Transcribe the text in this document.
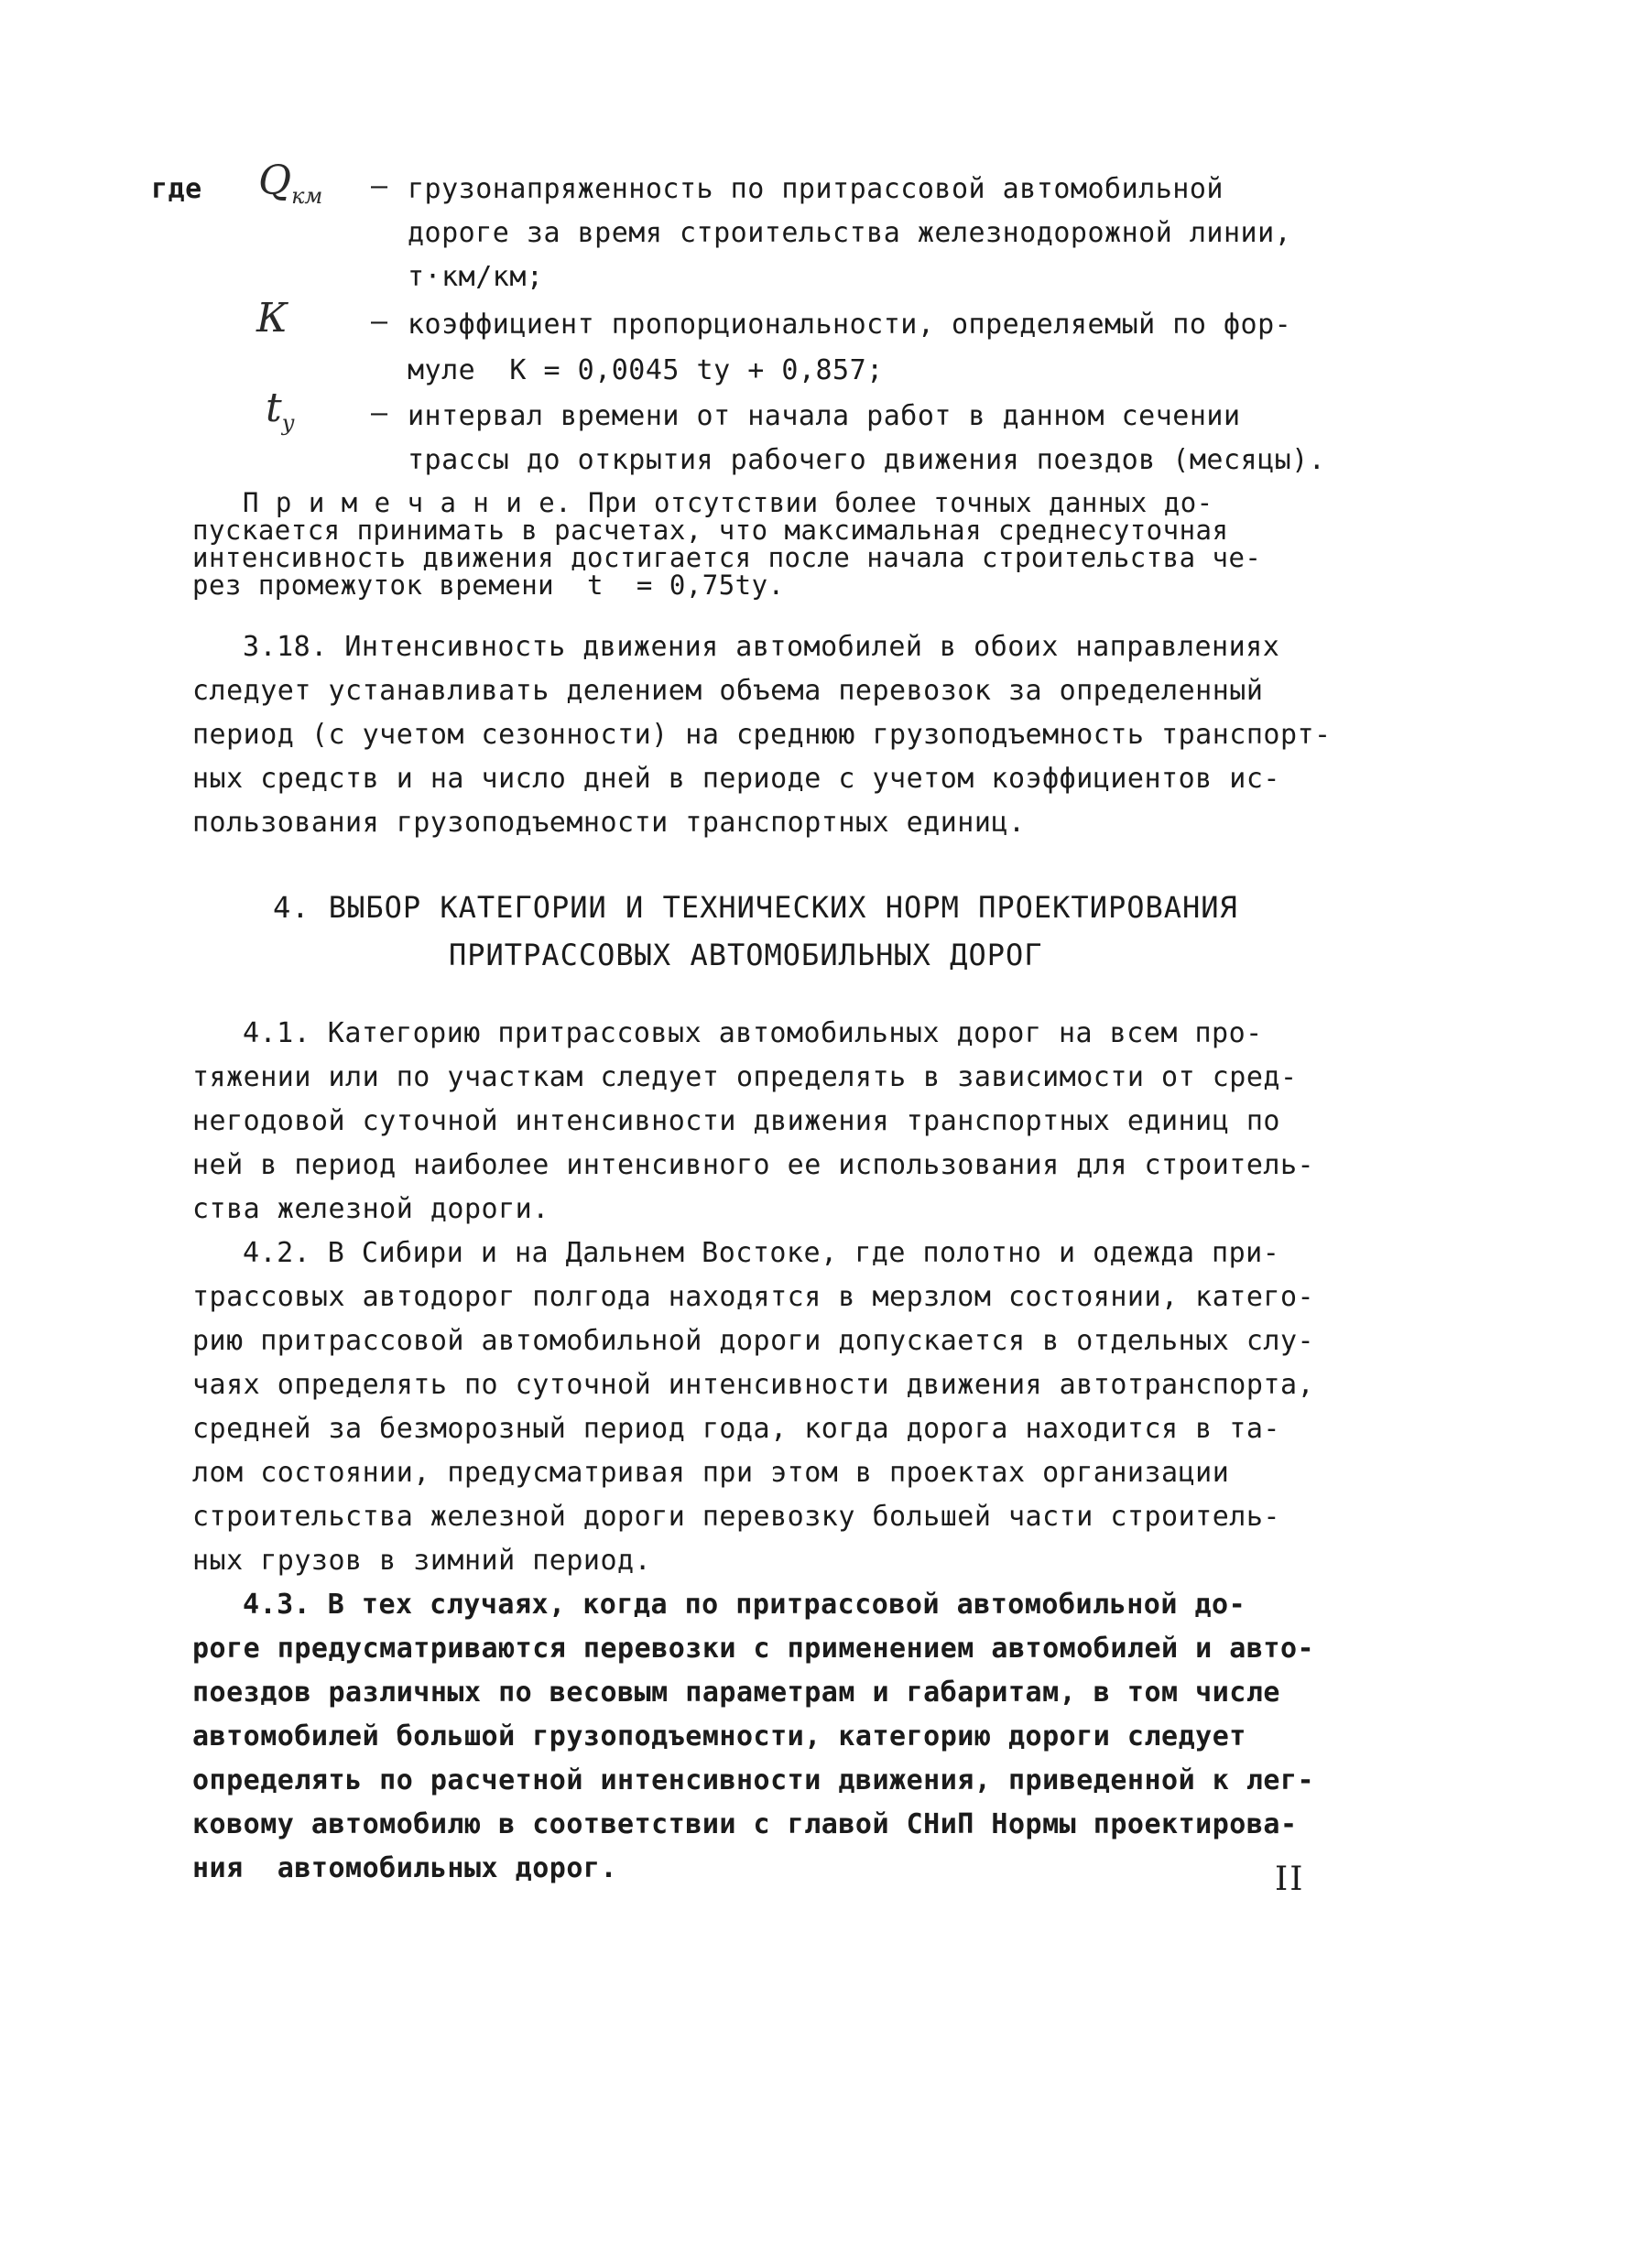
где $Q_{км}$ – грузонапряженность по притрассовой автомобильной
дороге за время строительства железнодорожной линии,
т·км/км;
К	– коэффициент пропорциональности, определяемый по фор-
муле  К = 0,0045 ty + 0,857;
$t_y$	– интервал времени от начала работ в данном сечении
трассы до открытия рабочего движения поездов (месяцы).
П р и м е ч а н и е. При отсутствии более точных данных до-
пускается принимать в расчетах, что максимальная среднесуточная
интенсивность движения достигается после начала строительства че-
рез промежуток времени  t  = 0,75ty.
3.18. Интенсивность движения автомобилей в обоих направлениях
следует устанавливать делением объема перевозок за определенный
период (с учетом сезонности) на среднюю грузоподъемность транспорт-
ных средств и на число дней в периоде с учетом коэффициентов ис-
пользования грузоподъемности транспортных единиц.
4. ВЫБОР КАТЕГОРИИ И ТЕХНИЧЕСКИХ НОРМ ПРОЕКТИРОВАНИЯ
ПРИТРАССОВЫХ АВТОМОБИЛЬНЫХ ДОРОГ
4.1. Категорию притрассовых автомобильных дорог на всем про-
тяжении или по участкам следует определять в зависимости от сред-
негодовой суточной интенсивности движения транспортных единиц по
ней в период наиболее интенсивного ее использования для строитель-
ства железной дороги.
4.2. В Сибири и на Дальнем Востоке, где полотно и одежда при-
трассовых автодорог полгода находятся в мерзлом состоянии, катего-
рию притрассовой автомобильной дороги допускается в отдельных слу-
чаях определять по суточной интенсивности движения автотранспорта,
средней за безморозный период года, когда дорога находится в та-
лом состоянии, предусматривая при этом в проектах организации
строительства железной дороги перевозку большей части строитель-
ных грузов в зимний период.
4.3. В тех случаях, когда по притрассовой автомобильной до-
роге предусматриваются перевозки с применением автомобилей и авто-
поездов различных по весовым параметрам и габаритам, в том числе
автомобилей большой грузоподъемности, категорию дороги следует
определять по расчетной интенсивности движения, приведенной к лег-
ковому автомобилю в соответствии с главой СНиП Нормы проектирова-
ния  автомобильных дорог.	II
